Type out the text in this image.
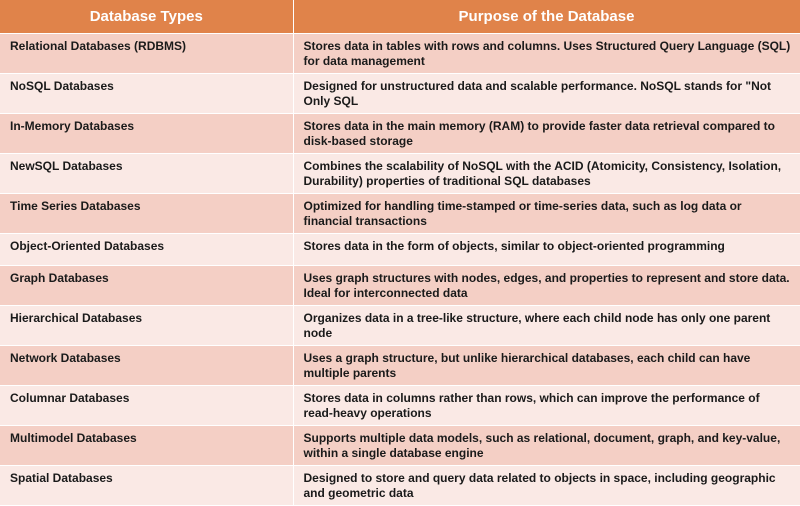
Database Types	Purpose of the Database
Relational Databases (RDBMS)	Stores data in tables with rows and columns. Uses Structured Query Language (SQL) for data management
NoSQL Databases	Designed for unstructured data and scalable performance. NoSQL stands for "Not Only SQL
In-Memory Databases	Stores data in the main memory (RAM) to provide faster data retrieval compared to disk-based storage
NewSQL Databases	Combines the scalability of NoSQL with the ACID (Atomicity, Consistency, Isolation, Durability) properties of traditional SQL databases
Time Series Databases	Optimized for handling time-stamped or time-series data, such as log data or financial transactions
Object-Oriented Databases	Stores data in the form of objects, similar to object-oriented programming
Graph Databases	Uses graph structures with nodes, edges, and properties to represent and store data. Ideal for interconnected data
Hierarchical Databases	Organizes data in a tree-like structure, where each child node has only one parent node
Network Databases	Uses a graph structure, but unlike hierarchical databases, each child can have multiple parents
Columnar Databases	Stores data in columns rather than rows, which can improve the performance of read-heavy operations
Multimodel Databases	Supports multiple data models, such as relational, document, graph, and key-value, within a single database engine
Spatial Databases	Designed to store and query data related to objects in space, including geographic and geometric data
